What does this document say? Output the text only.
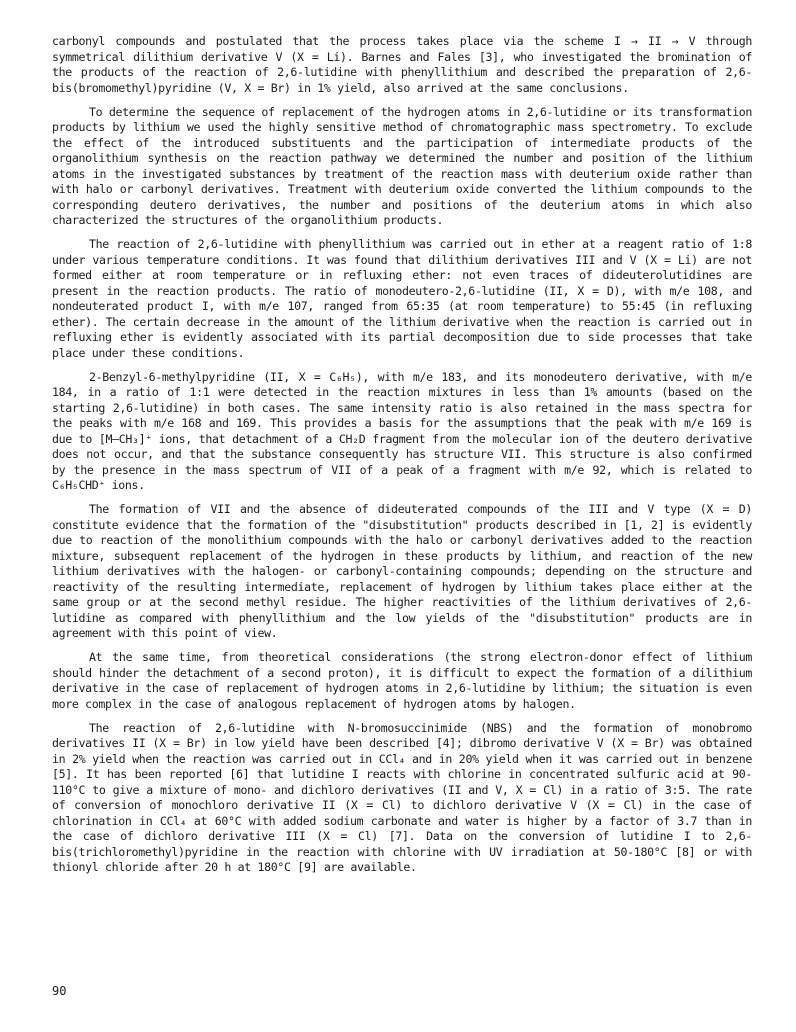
carbonyl compounds and postulated that the process takes place via the scheme I → II → V through symmetrical dilithium derivative V (X = Li). Barnes and Fales [3], who investigated the bromination of the products of the reaction of 2,6-lutidine with phenyllithium and described the preparation of 2,6-bis(bromomethyl)pyridine (V, X = Br) in 1% yield, also arrived at the same conclusions.

To determine the sequence of replacement of the hydrogen atoms in 2,6-lutidine or its transformation products by lithium we used the highly sensitive method of chromatographic mass spectrometry. To exclude the effect of the introduced substituents and the participation of intermediate products of the organolithium synthesis on the reaction pathway we determined the number and position of the lithium atoms in the investigated substances by treatment of the reaction mass with deuterium oxide rather than with halo or carbonyl derivatives. Treatment with deuterium oxide converted the lithium compounds to the corresponding deutero derivatives, the number and positions of the deuterium atoms in which also characterized the structures of the organolithium products.

The reaction of 2,6-lutidine with phenyllithium was carried out in ether at a reagent ratio of 1:8 under various temperature conditions. It was found that dilithium derivatives III and V (X = Li) are not formed either at room temperature or in refluxing ether: not even traces of dideuterolutidines are present in the reaction products. The ratio of monodeutero-2,6-lutidine (II, X = D), with m/e 108, and nondeuterated product I, with m/e 107, ranged from 65:35 (at room temperature) to 55:45 (in refluxing ether). The certain decrease in the amount of the lithium derivative when the reaction is carried out in refluxing ether is evidently associated with its partial decomposition due to side processes that take place under these conditions.

2-Benzyl-6-methylpyridine (II, X = C₆H₅), with m/e 183, and its monodeutero derivative, with m/e 184, in a ratio of 1:1 were detected in the reaction mixtures in less than 1% amounts (based on the starting 2,6-lutidine) in both cases. The same intensity ratio is also retained in the mass spectra for the peaks with m/e 168 and 169. This provides a basis for the assumptions that the peak with m/e 169 is due to [M–CH₃]⁺ ions, that detachment of a CH₂D fragment from the molecular ion of the deutero derivative does not occur, and that the substance consequently has structure VII. This structure is also confirmed by the presence in the mass spectrum of VII of a peak of a fragment with m/e 92, which is related to C₆H₅CHD⁺ ions.

The formation of VII and the absence of dideuterated compounds of the III and V type (X = D) constitute evidence that the formation of the "disubstitution" products described in [1, 2] is evidently due to reaction of the monolithium compounds with the halo or carbonyl derivatives added to the reaction mixture, subsequent replacement of the hydrogen in these products by lithium, and reaction of the new lithium derivatives with the halogen- or carbonyl-containing compounds; depending on the structure and reactivity of the resulting intermediate, replacement of hydrogen by lithium takes place either at the same group or at the second methyl residue. The higher reactivities of the lithium derivatives of 2,6-lutidine as compared with phenyllithium and the low yields of the "disubstitution" products are in agreement with this point of view.

At the same time, from theoretical considerations (the strong electron-donor effect of lithium should hinder the detachment of a second proton), it is difficult to expect the formation of a dilithium derivative in the case of replacement of hydrogen atoms in 2,6-lutidine by lithium; the situation is even more complex in the case of analogous replacement of hydrogen atoms by halogen.

The reaction of 2,6-lutidine with N-bromosuccinimide (NBS) and the formation of monobromo derivatives II (X = Br) in low yield have been described [4]; dibromo derivative V (X = Br) was obtained in 2% yield when the reaction was carried out in CCl₄ and in 20% yield when it was carried out in benzene [5]. It has been reported [6] that lutidine I reacts with chlorine in concentrated sulfuric acid at 90-110°C to give a mixture of mono- and dichloro derivatives (II and V, X = Cl) in a ratio of 3:5. The rate of conversion of monochloro derivative II (X = Cl) to dichloro derivative V (X = Cl) in the case of chlorination in CCl₄ at 60°C with added sodium carbonate and water is higher by a factor of 3.7 than in the case of dichloro derivative III (X = Cl) [7]. Data on the conversion of lutidine I to 2,6-bis(trichloromethyl)pyridine in the reaction with chlorine with UV irradiation at 50-180°C [8] or with thionyl chloride after 20 h at 180°C [9] are available.

90
